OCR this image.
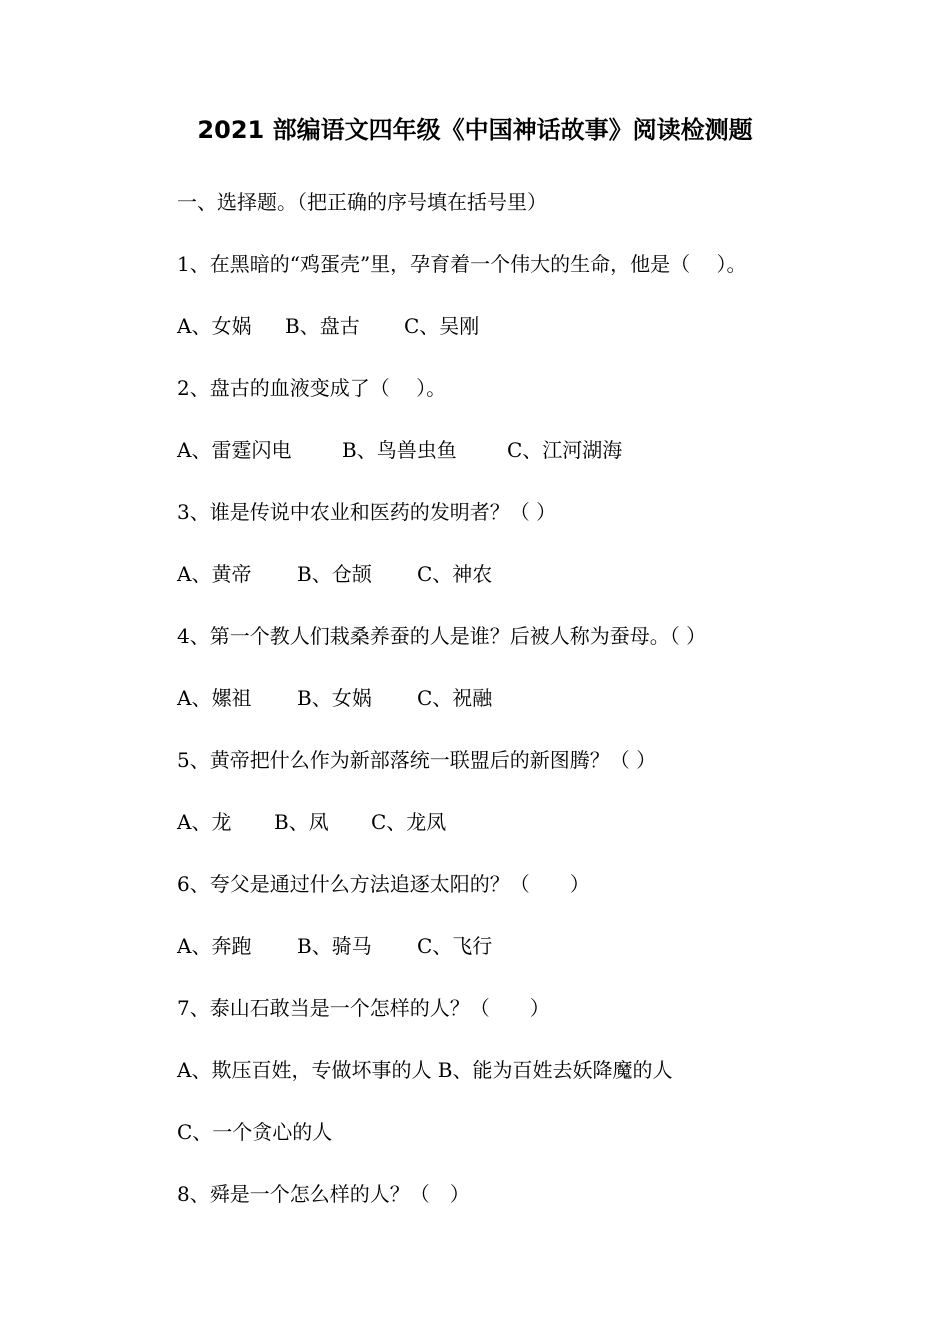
2021 部编语文四年级《中国神话故事》阅读检测题
一、选择题。（把正确的序号填在括号里）
1、在黑暗的“鸡蛋壳”里，孕育着一个伟大的生命，他是（　 ）。
A、女娲	B、盘古	C、吴刚
2、盘古的血液变成了（　 ）。
A、雷霆闪电	B、鸟兽虫鱼	C、江河湖海
3、谁是传说中农业和医药的发明者？（ ）
A、黄帝	B、仓颉	C、神农
4、第一个教人们栽桑养蚕的人是谁？后被人称为蚕母。（ ）
A、嫘祖	B、女娲	C、祝融
5、黄帝把什么作为新部落统一联盟后的新图腾？（ ）
A、龙	B、凤	C、龙凤
6、夸父是通过什么方法追逐太阳的？（　　）
A、奔跑	B、骑马	C、飞行
7、泰山石敢当是一个怎样的人？（　　）
A、欺压百姓，专做坏事的人 B、能为百姓去妖降魔的人
C、一个贪心的人
8、舜是一个怎么样的人？（　）
